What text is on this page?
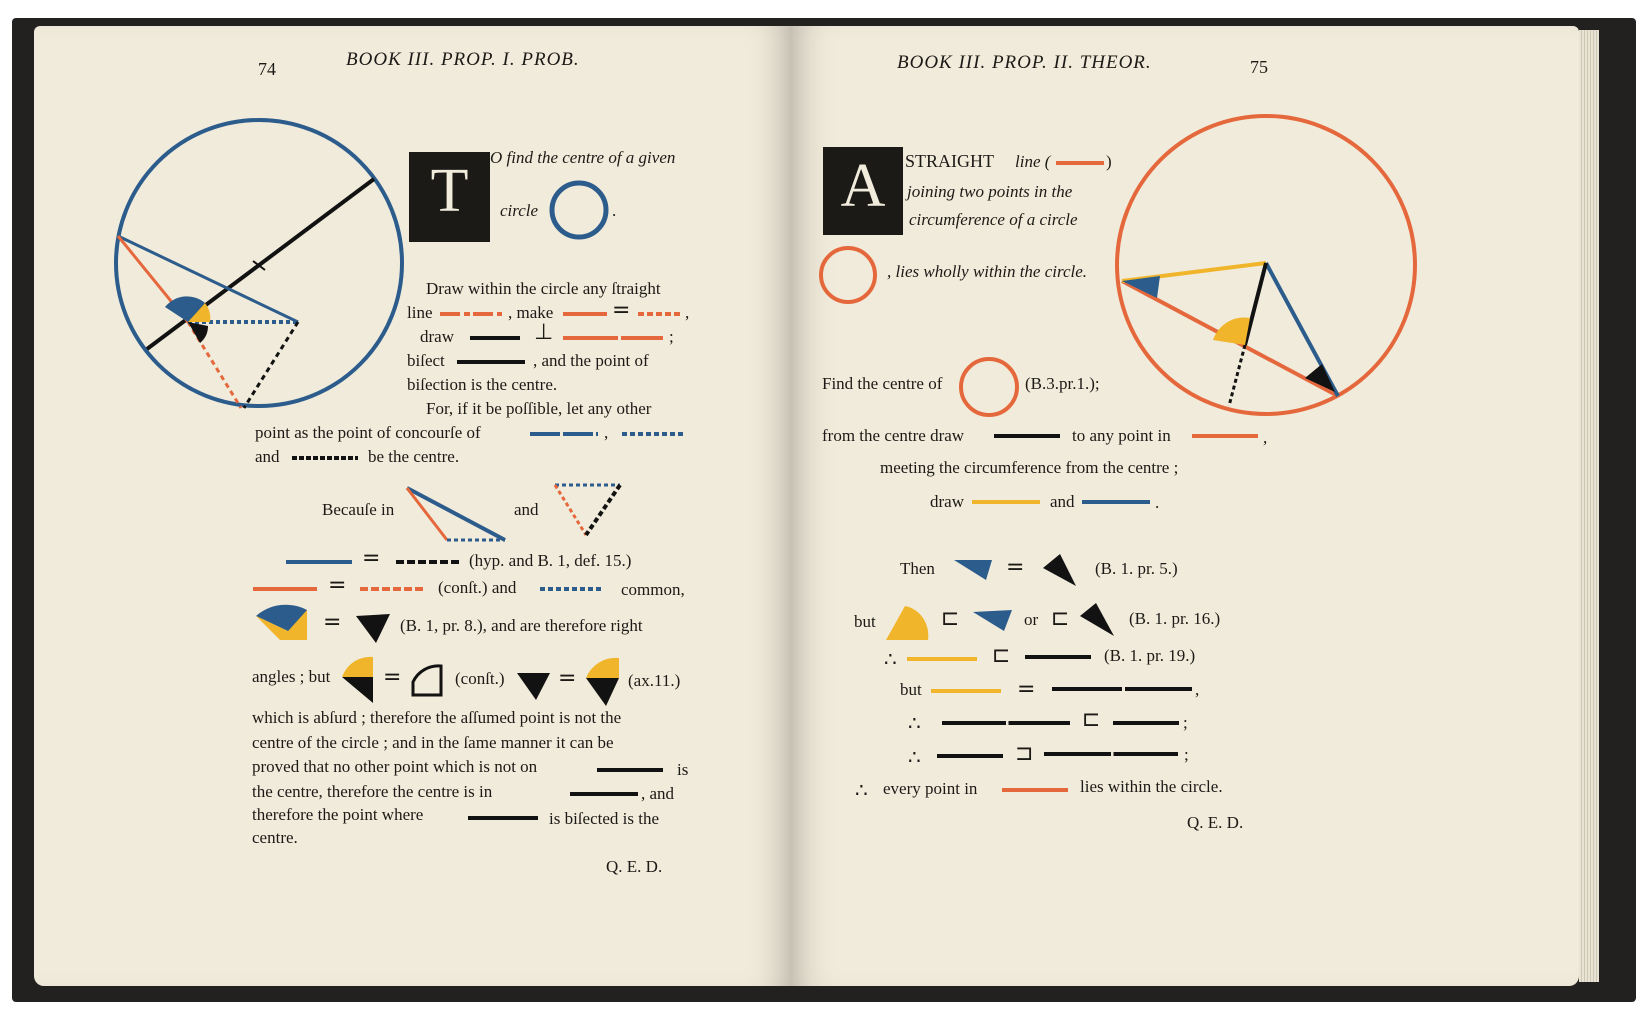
74	BOOK III. PROP. I. PROB.
T	O find the centre of a given
circle	.
Draw within the circle any ſtraight
line	, make	=	,
draw	⊥	;
biſect	, and the point of
biſection is the centre.
For, if it be poſſible, let any other
point as the point of concourſe of	,
and	be the centre.
Becauſe in	and
=	(hyp. and B. 1, def. 15.)
=	(conſt.) and	common,
=	(B. 1, pr. 8.), and are therefore right
angles ; but =	(conſt.) =	(ax.11.)
which is abſurd ; therefore the aſſumed point is not the
centre of the circle ; and in the ſame manner it can be
proved that no other point which is not on	is
the centre, therefore the centre is in	, and
therefore the point where	is biſected is the
centre.
Q. E. D.
BOOK III. PROP. II. THEOR.	75
A	STRAIGHT line (	)
joining two points in the
circumference of a circle
, lies wholly within the circle.
Find the centre of	(B.3.pr.1.);
from the centre draw	to any point in	,
meeting the circumference from the centre ;
draw	and	.
Then	=	(B. 1. pr. 5.)
but	⊏	or ⊏	(B. 1. pr. 16.)
∴	⊏	(B. 1. pr. 19.)
but	=	,
∴	⊏	;
∴	⊐	;
∴ every point in	lies within the circle.
Q. E. D.
